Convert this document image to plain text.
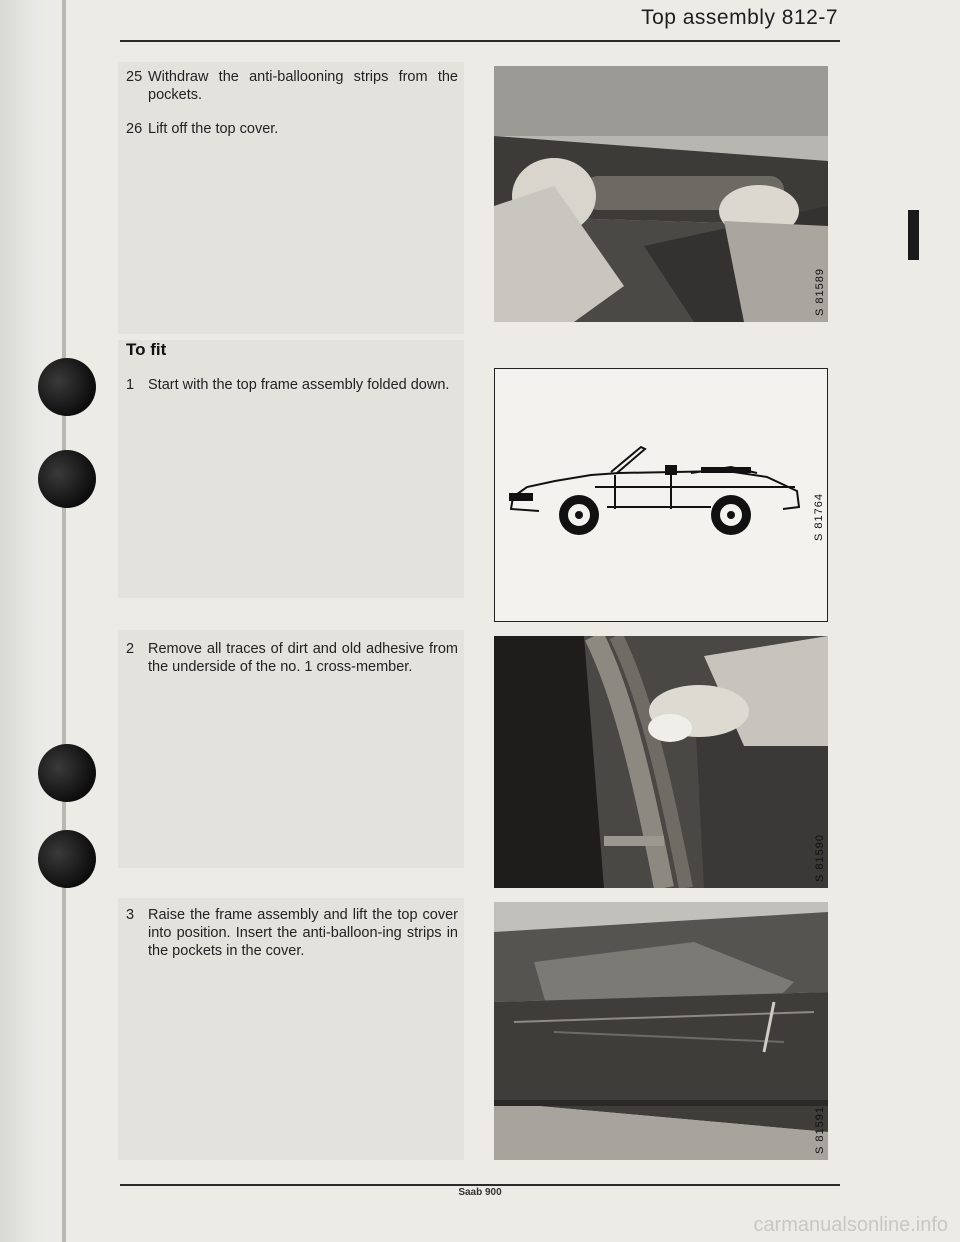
Top assembly 812-7
25 Withdraw the anti-ballooning strips from the pockets.
26 Lift off the top cover.
To fit
1 Start with the top frame assembly folded down.
2 Remove all traces of dirt and old adhesive from the underside of the no. 1 cross-member.
3 Raise the frame assembly and lift the top cover into position. Insert the anti-balloon-ing strips in the pockets in the cover.
S 81589
S 81764
S 81590
S 81591
Saab 900
carmanualsonline.info
